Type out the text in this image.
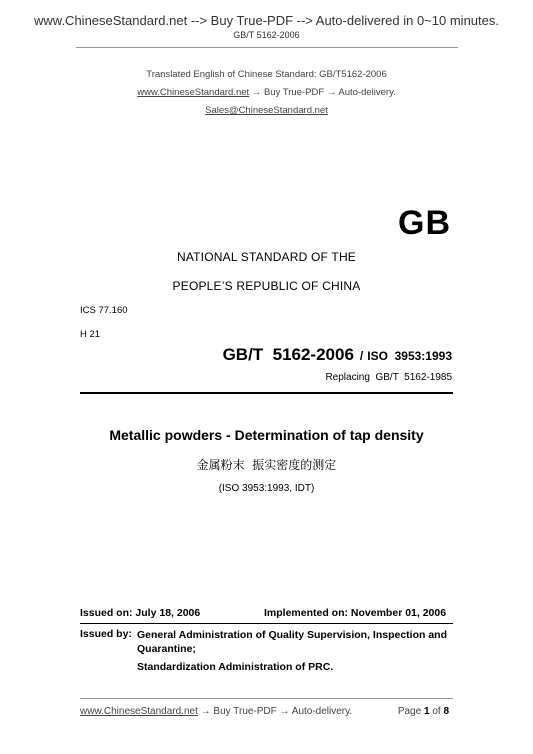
www.ChineseStandard.net --> Buy True-PDF --> Auto-delivered in 0~10 minutes.
GB/T 5162-2006
Translated English of Chinese Standard: GB/T5162-2006
www.ChineseStandard.net → Buy True-PDF → Auto-delivery.
Sales@ChineseStandard.net
GB
NATIONAL STANDARD OF THE
PEOPLE’S REPUBLIC OF CHINA
ICS 77.160
H 21
GB/T  5162-2006 / ISO  3953:1993
Replacing  GB/T  5162-1985
Metallic powders - Determination of tap density
金属粉末  振实密度的测定
(ISO 3953:1993, IDT)
Issued on: July 18, 2006	Implemented on: November 01, 2006
Issued by: General Administration of Quality Supervision, Inspection and Quarantine;
Standardization Administration of PRC.
www.ChineseStandard.net → Buy True-PDF → Auto-delivery.	Page 1 of 8
